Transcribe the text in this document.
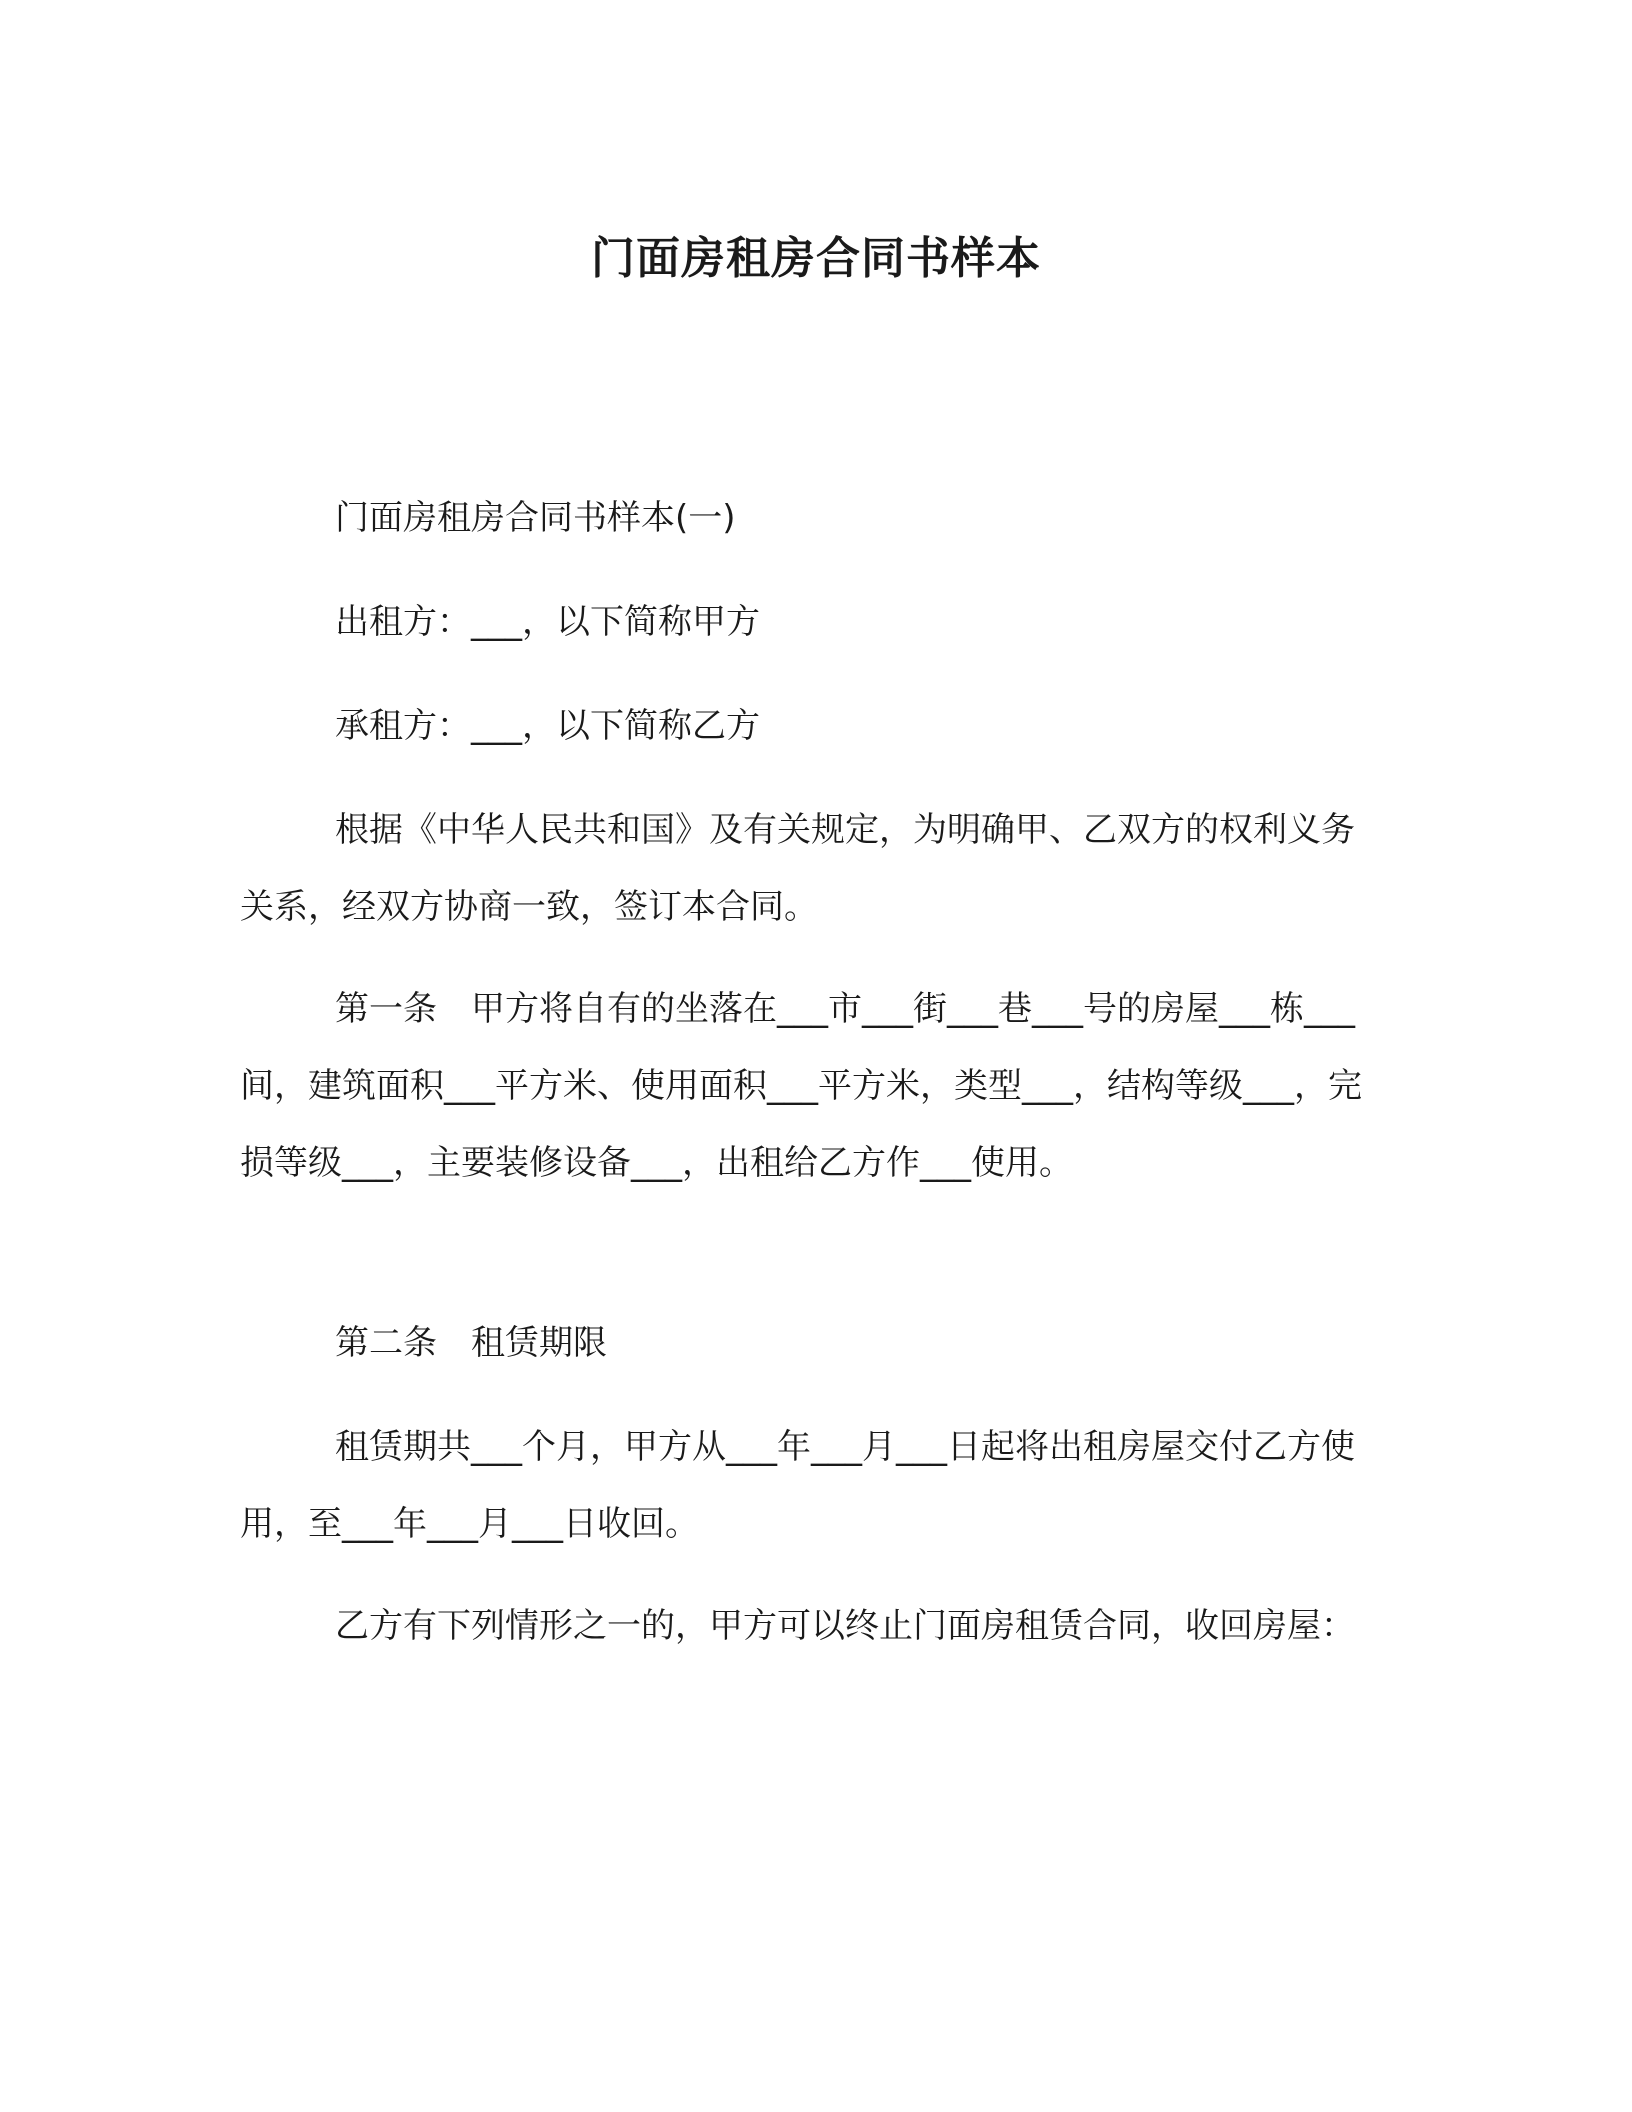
门面房租房合同书样本
门面房租房合同书样本(一)
出租方：___，以下简称甲方
承租方：___，以下简称乙方
根据《中华人民共和国》及有关规定，为明确甲、乙双方的权利义务关系，经双方协商一致，签订本合同。
第一条　甲方将自有的坐落在___市___街___巷___号的房屋___栋___间，建筑面积___平方米、使用面积___平方米，类型___，结构等级___，完损等级___，主要装修设备___，出租给乙方作___使用。
第二条　租赁期限
租赁期共___个月，甲方从___年___月___日起将出租房屋交付乙方使用，至___年___月___日收回。
乙方有下列情形之一的，甲方可以终止门面房租赁合同，收回房屋：
